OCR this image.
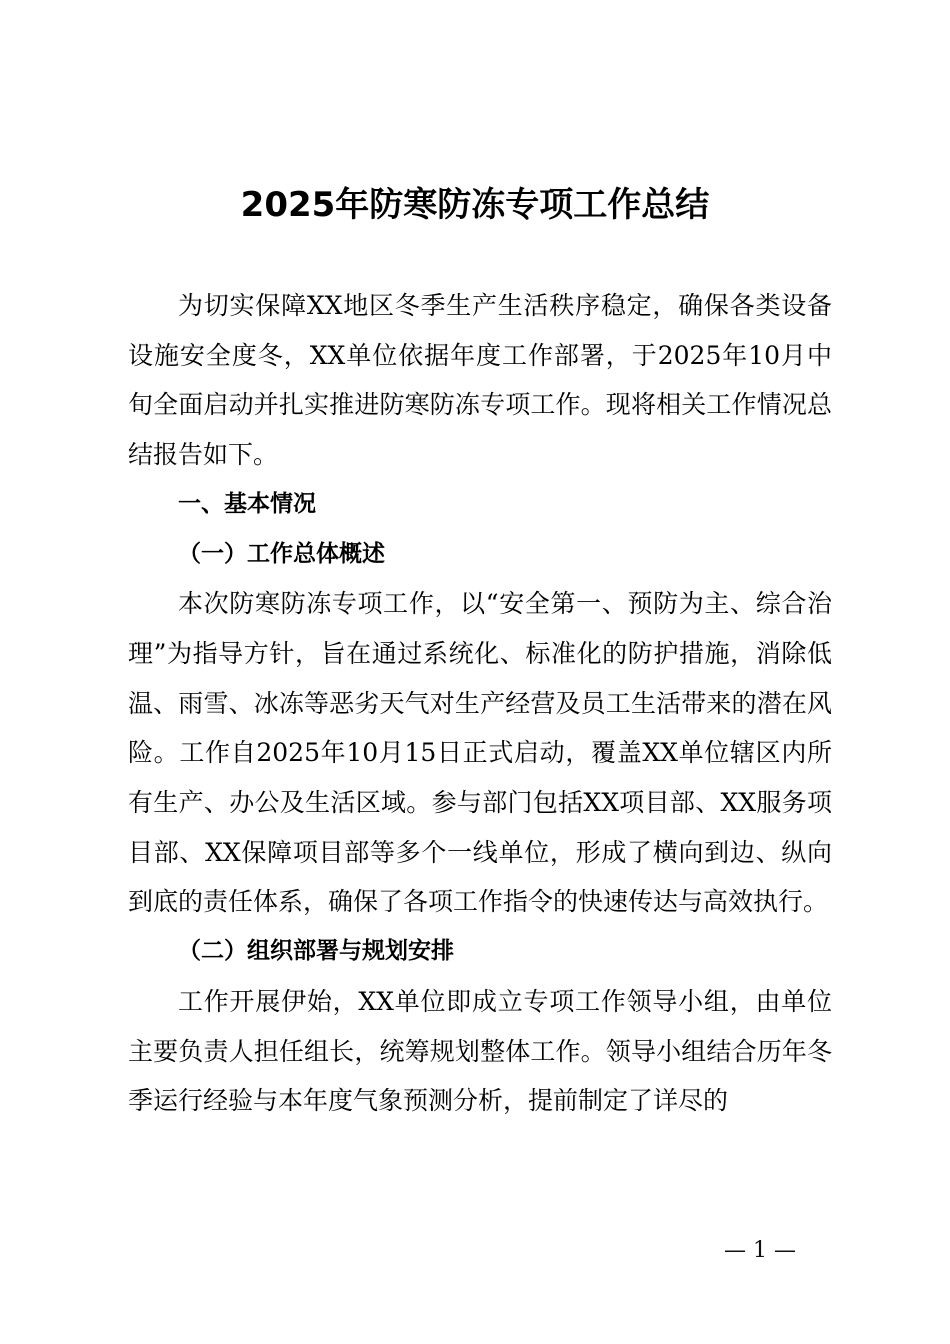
2025年防寒防冻专项工作总结

为切实保障XX地区冬季生产生活秩序稳定，确保各类设备设施安全度冬，XX单位依据年度工作部署，于2025年10月中旬全面启动并扎实推进防寒防冻专项工作。现将相关工作情况总结报告如下。

一、基本情况

（一）工作总体概述

本次防寒防冻专项工作，以“安全第一、预防为主、综合治理”为指导方针，旨在通过系统化、标准化的防护措施，消除低温、雨雪、冰冻等恶劣天气对生产经营及员工生活带来的潜在风险。工作自2025年10月15日正式启动，覆盖XX单位辖区内所有生产、办公及生活区域。参与部门包括XX项目部、XX服务项目部、XX保障项目部等多个一线单位，形成了横向到边、纵向到底的责任体系，确保了各项工作指令的快速传达与高效执行。

（二）组织部署与规划安排

工作开展伊始，XX单位即成立专项工作领导小组，由单位主要负责人担任组长，统筹规划整体工作。领导小组结合历年冬季运行经验与本年度气象预测分析，提前制定了详尽的

— 1 —
